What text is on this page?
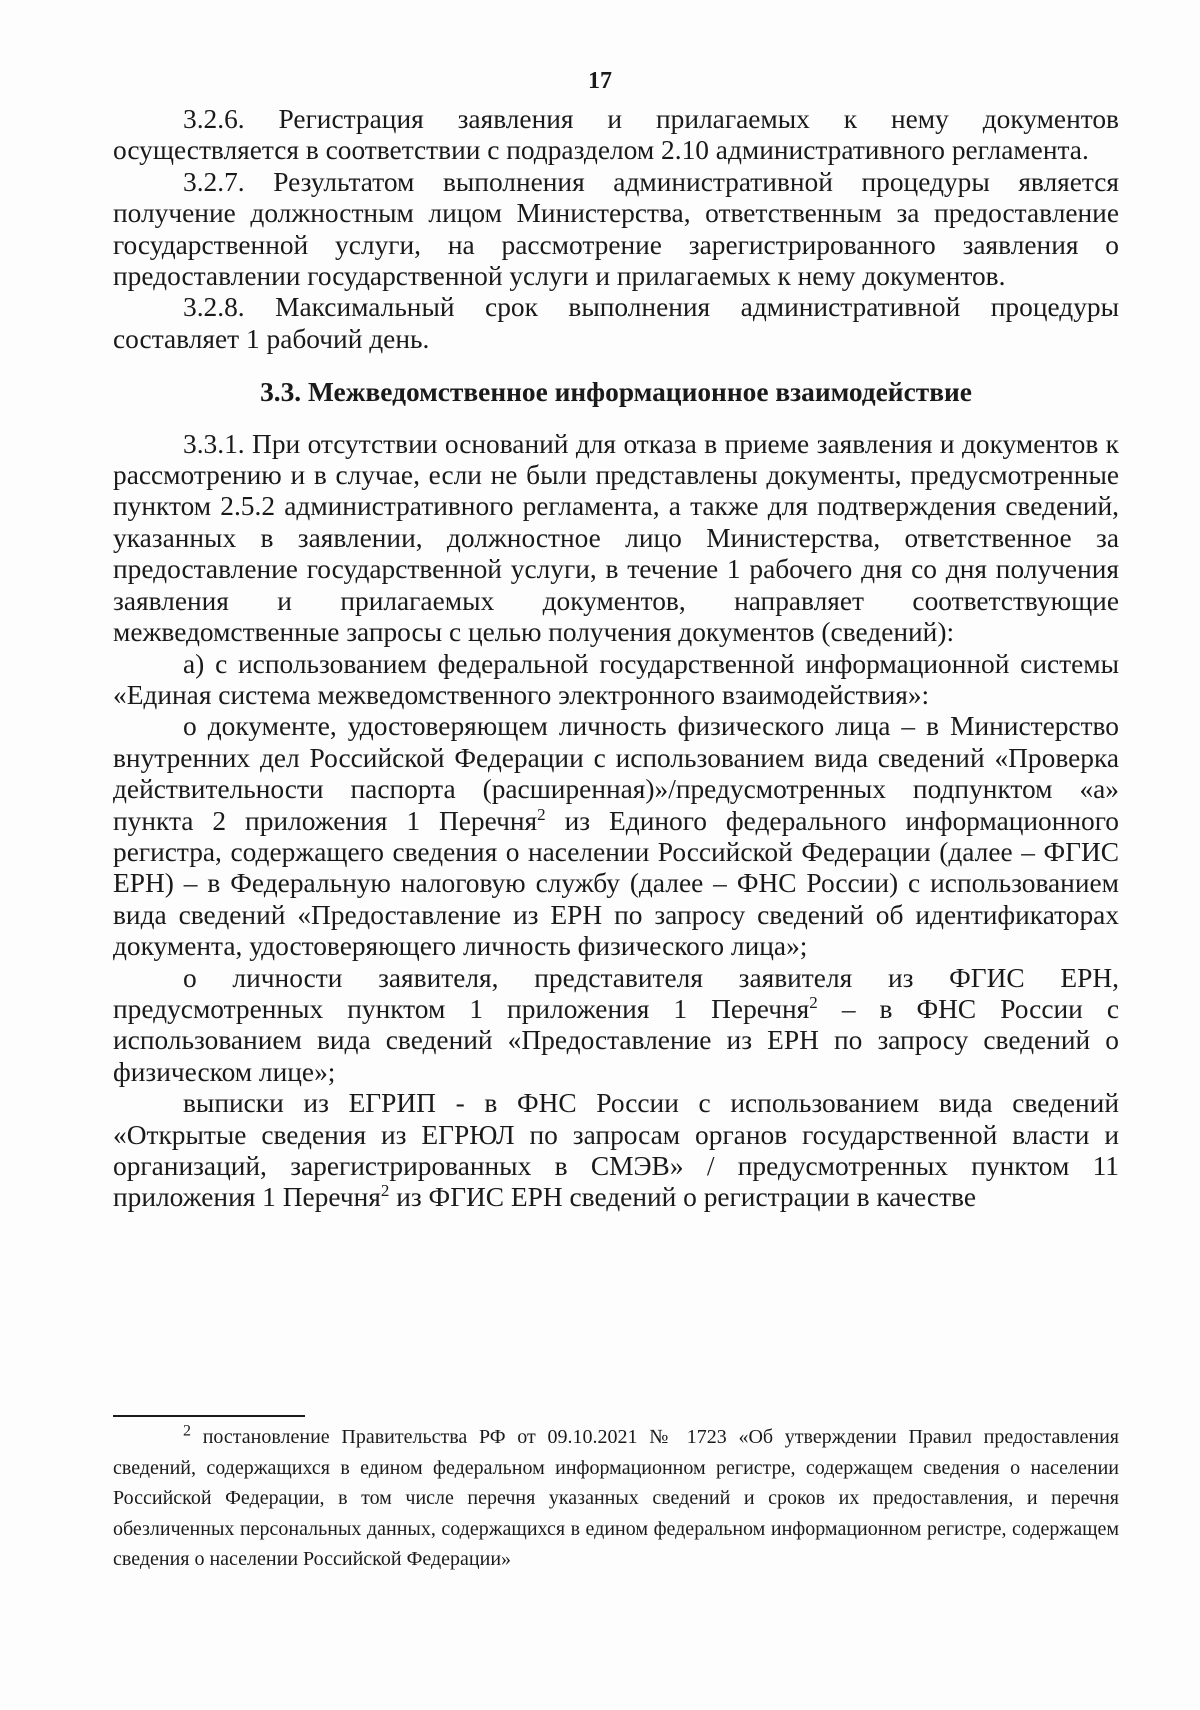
17

3.2.6. Регистрация заявления и прилагаемых к нему документов осуществляется в соответствии с подразделом 2.10 административного регламента.

3.2.7. Результатом выполнения административной процедуры является получение должностным лицом Министерства, ответственным за предоставление государственной услуги, на рассмотрение зарегистрированного заявления о предоставлении государственной услуги и прилагаемых к нему документов.

3.2.8. Максимальный срок выполнения административной процедуры составляет 1 рабочий день.

3.3. Межведомственное информационное взаимодействие

3.3.1. При отсутствии оснований для отказа в приеме заявления и документов к рассмотрению и в случае, если не были представлены документы, предусмотренные пунктом 2.5.2 административного регламента, а также для подтверждения сведений, указанных в заявлении, должностное лицо Министерства, ответственное за предоставление государственной услуги, в течение 1 рабочего дня со дня получения заявления и прилагаемых документов, направляет соответствующие межведомственные запросы с целью получения документов (сведений):

а) с использованием федеральной государственной информационной системы «Единая система межведомственного электронного взаимодействия»:

о документе, удостоверяющем личность физического лица – в Министерство внутренних дел Российской Федерации с использованием вида сведений «Проверка действительности паспорта (расширенная)»/предусмотренных подпунктом «а» пункта 2 приложения 1 Перечня$^2$ из Единого федерального информационного регистра, содержащего сведения о населении Российской Федерации (далее – ФГИС ЕРН) – в Федеральную налоговую службу (далее – ФНС России) с использованием вида сведений «Предоставление из ЕРН по запросу сведений об идентификаторах документа, удостоверяющего личность физического лица»;

о личности заявителя, представителя заявителя из ФГИС ЕРН, предусмотренных пунктом 1 приложения 1 Перечня$^2$ – в ФНС России с использованием вида сведений «Предоставление из ЕРН по запросу сведений о физическом лице»;

выписки из ЕГРИП - в ФНС России с использованием вида сведений «Открытые сведения из ЕГРЮЛ по запросам органов государственной власти и организаций, зарегистрированных в СМЭВ» / предусмотренных пунктом 11 приложения 1 Перечня$^2$ из ФГИС ЕРН сведений о регистрации в качестве

$^2$ постановление Правительства РФ от 09.10.2021 № 1723 «Об утверждении Правил предоставления сведений, содержащихся в едином федеральном информационном регистре, содержащем сведения о населении Российской Федерации, в том числе перечня указанных сведений и сроков их предоставления, и перечня обезличенных персональных данных, содержащихся в едином федеральном информационном регистре, содержащем сведения о населении Российской Федерации»
